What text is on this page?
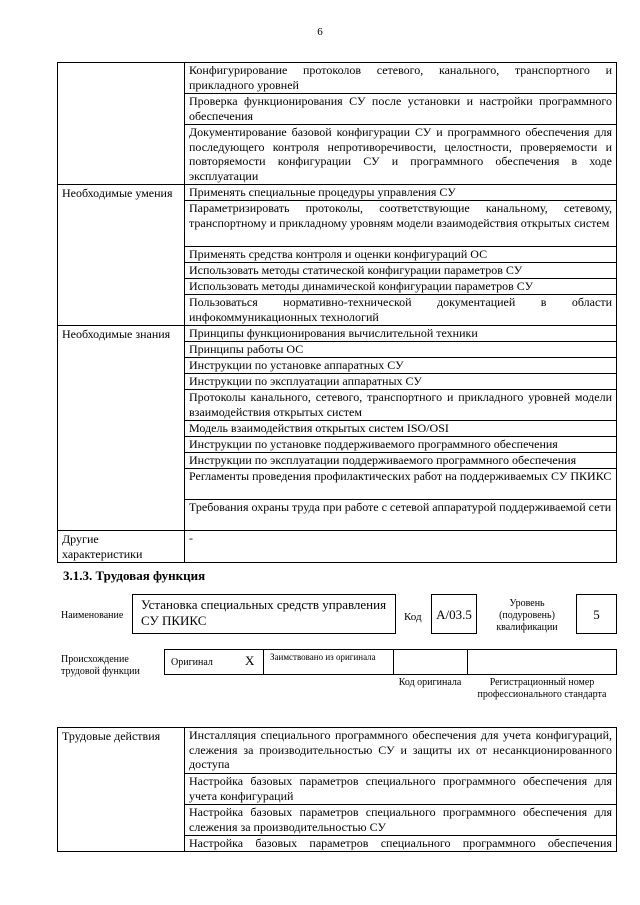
6
	Конфигурирование протоколов сетевого, канального, транспортного и прикладного уровней
	Проверка функционирования СУ после установки и настройки программного обеспечения
	Документирование базовой конфигурации СУ и программного обеспечения для последующего контроля непротиворечивости, целостности, проверяемости и повторяемости конфигурации СУ и программного обеспечения в ходе эксплуатации
Необходимые умения	Применять специальные процедуры управления СУ
	Параметризировать протоколы, соответствующие канальному, сетевому, транспортному и прикладному уровням модели взаимодействия открытых систем
	Применять средства контроля и оценки конфигураций ОС
	Использовать методы статической конфигурации параметров СУ
	Использовать методы динамической конфигурации параметров СУ
	Пользоваться нормативно-технической документацией в области инфокоммуникационных технологий
Необходимые знания	Принципы функционирования вычислительной техники
	Принципы работы ОС
	Инструкции по установке аппаратных СУ
	Инструкции по эксплуатации аппаратных СУ
	Протоколы канального, сетевого, транспортного и прикладного уровней модели взаимодействия открытых систем
	Модель взаимодействия открытых систем ISO/OSI
	Инструкции по установке поддерживаемого программного обеспечения
	Инструкции по эксплуатации поддерживаемого программного обеспечения
	Регламенты проведения профилактических работ на поддерживаемых СУ ПКИКС
	Требования охраны труда при работе с сетевой аппаратурой поддерживаемой сети
Другие характеристики	-
3.1.3. Трудовая функция
Наименование
Установка специальных средств управления СУ ПКИКС	Код	A/03.5
Уровень (подуровень) квалификации
5
Происхождение трудовой функции
Оригинал X Заимствовано из оригинала
Код оригинала	Регистрационный номер профессионального стандарта
Трудовые действия	Инсталляция специального программного обеспечения для учета конфигураций, слежения за производительностью СУ и защиты их от несанкционированного доступа
Настройка базовых параметров специального программного обеспечения для учета конфигураций
Настройка базовых параметров специального программного обеспечения для слежения за производительностью СУ
Настройка базовых параметров специального программного обеспечения
